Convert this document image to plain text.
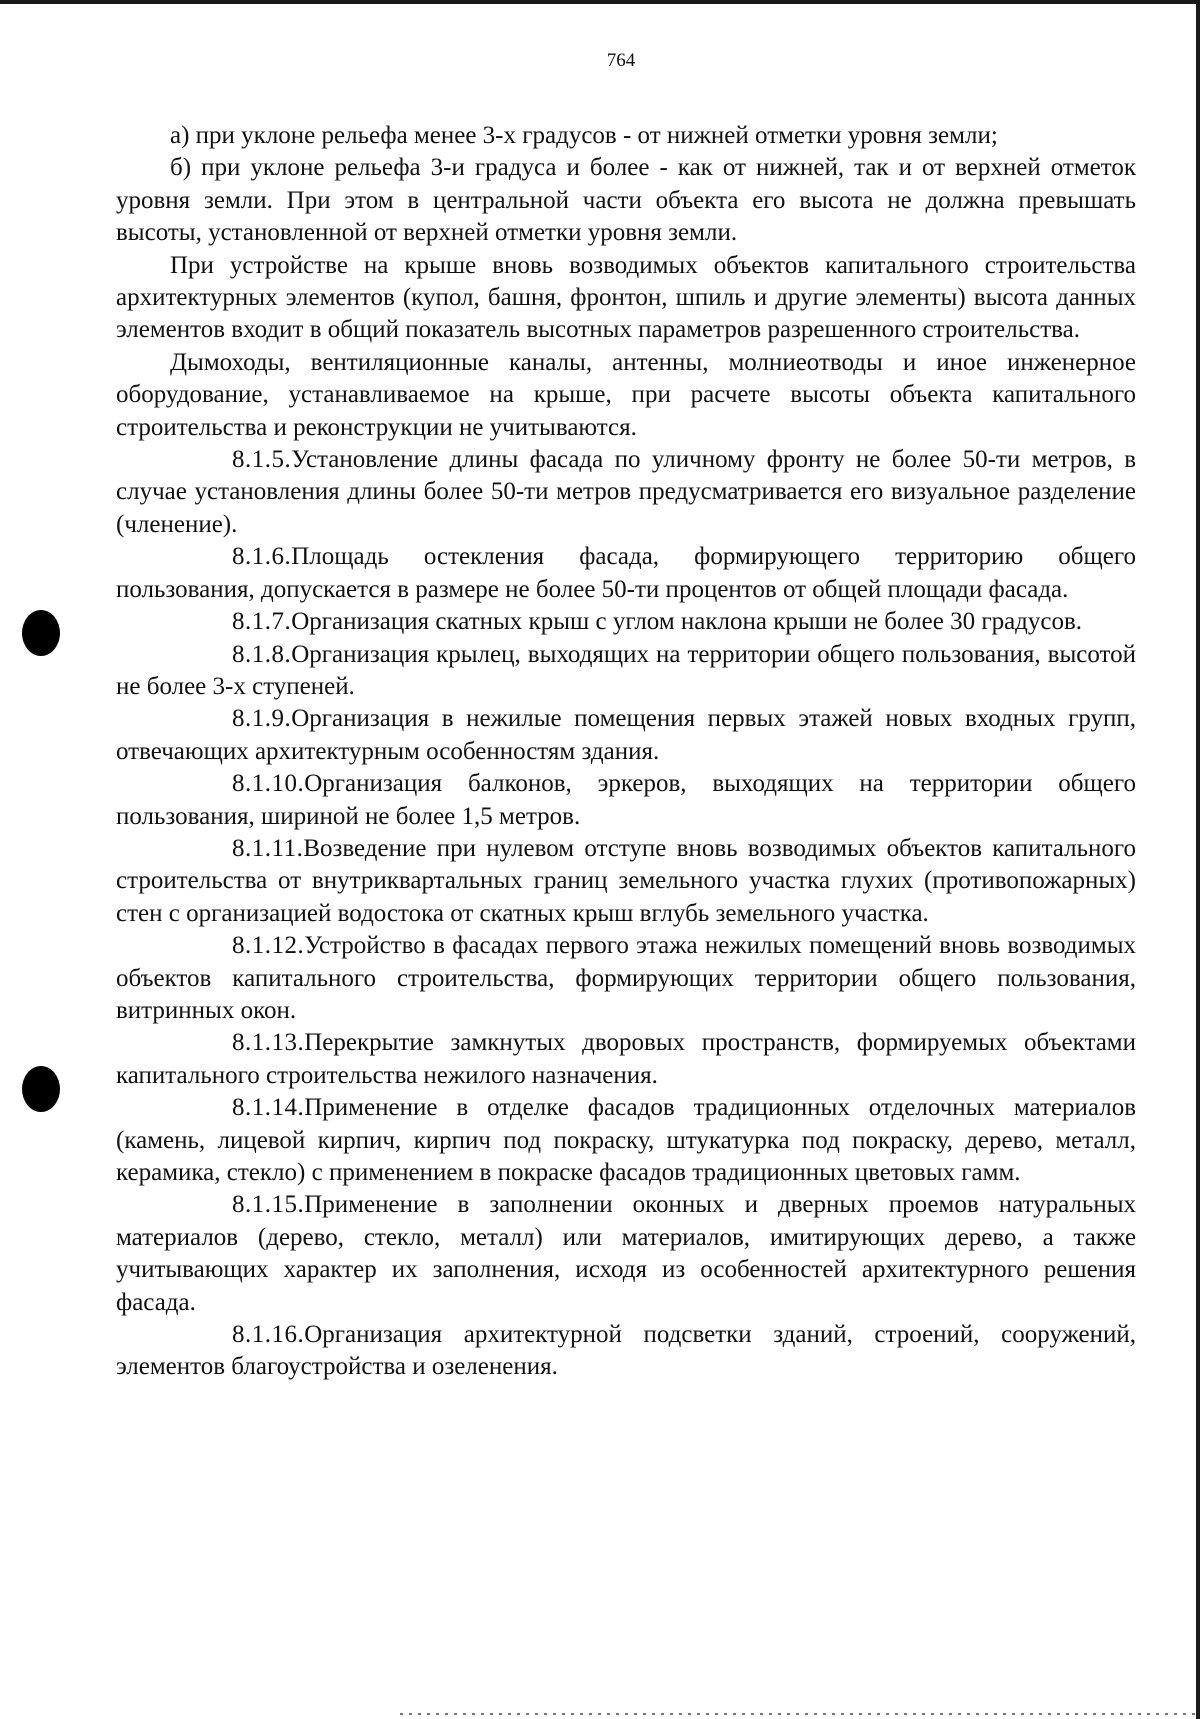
764

а) при уклоне рельефа менее 3-х градусов - от нижней отметки уровня земли;

б) при уклоне рельефа 3-и градуса и более - как от нижней, так и от верхней отметок уровня земли. При этом в центральной части объекта его высота не должна превышать высоты, установленной от верхней отметки уровня земли.

При устройстве на крыше вновь возводимых объектов капитального строительства архитектурных элементов (купол, башня, фронтон, шпиль и другие элементы) высота данных элементов входит в общий показатель высотных параметров разрешенного строительства.

Дымоходы, вентиляционные каналы, антенны, молниеотводы и иное инженерное оборудование, устанавливаемое на крыше, при расчете высоты объекта капитального строительства и реконструкции не учитываются.

8.1.5.Установление длины фасада по уличному фронту не более 50-ти метров, в случае установления длины более 50-ти метров предусматривается его визуальное разделение (членение).

8.1.6.Площадь остекления фасада, формирующего территорию общего пользования, допускается в размере не более 50-ти процентов от общей площади фасада.

8.1.7.Организация скатных крыш с углом наклона крыши не более 30 градусов.

8.1.8.Организация крылец, выходящих на территории общего пользования, высотой не более 3-х ступеней.

8.1.9.Организация в нежилые помещения первых этажей новых входных групп, отвечающих архитектурным особенностям здания.

8.1.10.Организация балконов, эркеров, выходящих на территории общего пользования, шириной не более 1,5 метров.

8.1.11.Возведение при нулевом отступе вновь возводимых объектов капитального строительства от внутриквартальных границ земельного участка глухих (противопожарных) стен с организацией водостока от скатных крыш вглубь земельного участка.

8.1.12.Устройство в фасадах первого этажа нежилых помещений вновь возводимых объектов капитального строительства, формирующих территории общего пользования, витринных окон.

8.1.13.Перекрытие замкнутых дворовых пространств, формируемых объектами капитального строительства нежилого назначения.

8.1.14.Применение в отделке фасадов традиционных отделочных материалов (камень, лицевой кирпич, кирпич под покраску, штукатурка под покраску, дерево, металл, керамика, стекло) с применением в покраске фасадов традиционных цветовых гамм.

8.1.15.Применение в заполнении оконных и дверных проемов натуральных материалов (дерево, стекло, металл) или материалов, имитирующих дерево, а также учитывающих характер их заполнения, исходя из особенностей архитектурного решения фасада.

8.1.16.Организация архитектурной подсветки зданий, строений, сооружений, элементов благоустройства и озеленения.
